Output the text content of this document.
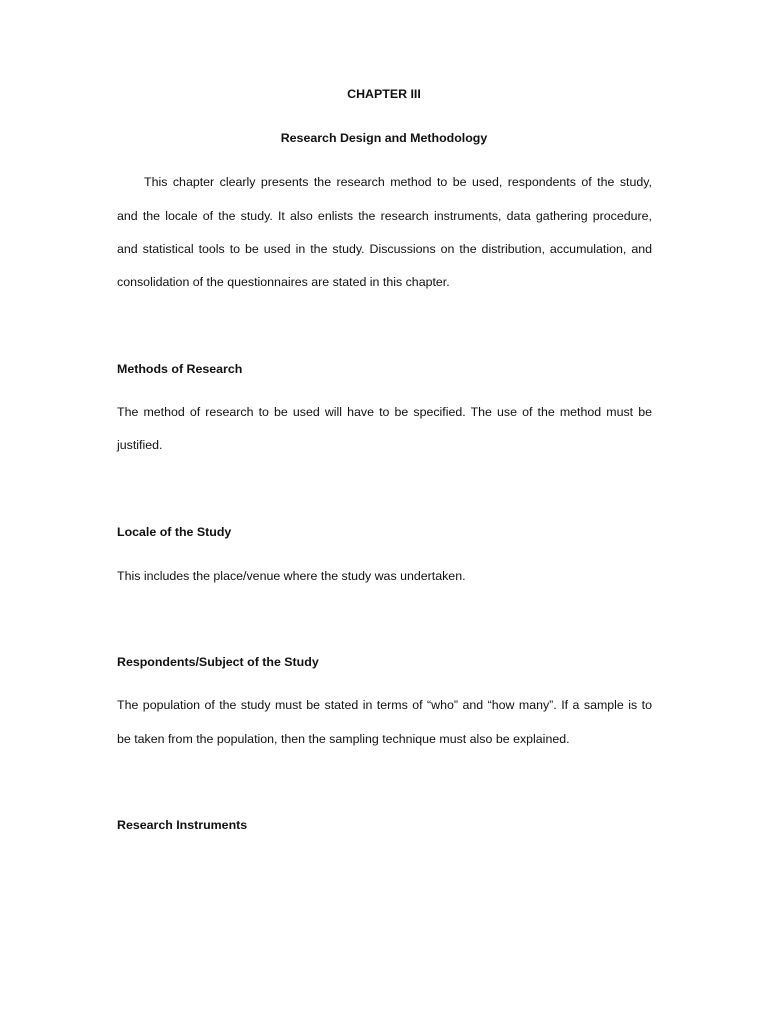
CHAPTER III
Research Design and Methodology
This chapter clearly presents the research method to be used, respondents of the study,
and the locale of the study. It also enlists the research instruments, data gathering procedure,
and statistical tools to be used in the study. Discussions on the distribution, accumulation, and
consolidation of the questionnaires are stated in this chapter.
Methods of Research
The method of research to be used will have to be specified. The use of the method must be
justified.
Locale of the Study
This includes the place/venue where the study was undertaken.
Respondents/Subject of the Study
The population of the study must be stated in terms of “who” and “how many”. If a sample is to
be taken from the population, then the sampling technique must also be explained.
Research Instruments
